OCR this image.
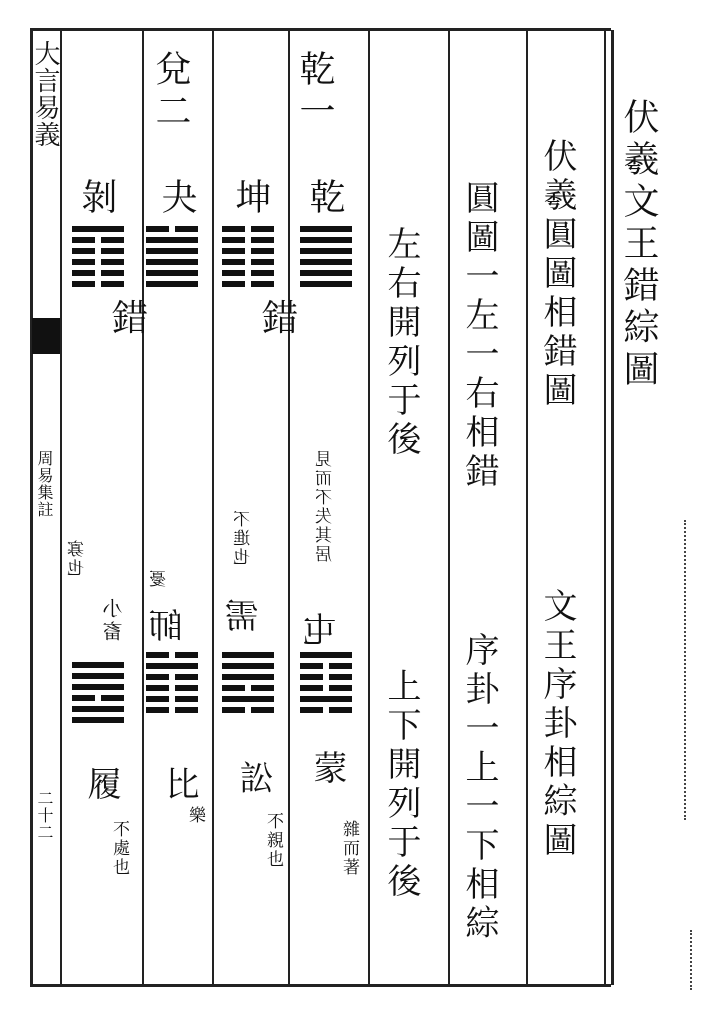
大言易義
周易集註
二十二
伏羲文王錯綜圖
伏羲圓圖相錯圖
文王序卦相綜圖
圓圖一左一右相錯
序卦一上一下相綜
左右開列于後
上下開列于後
乾一
兌二
乾
見而不失其居
屯
蒙
雜而著
坤
不進也
需
訟
不親也
錯
錯
夬
憂
師
比
樂
剝
寡也
小畜
履
不處也
